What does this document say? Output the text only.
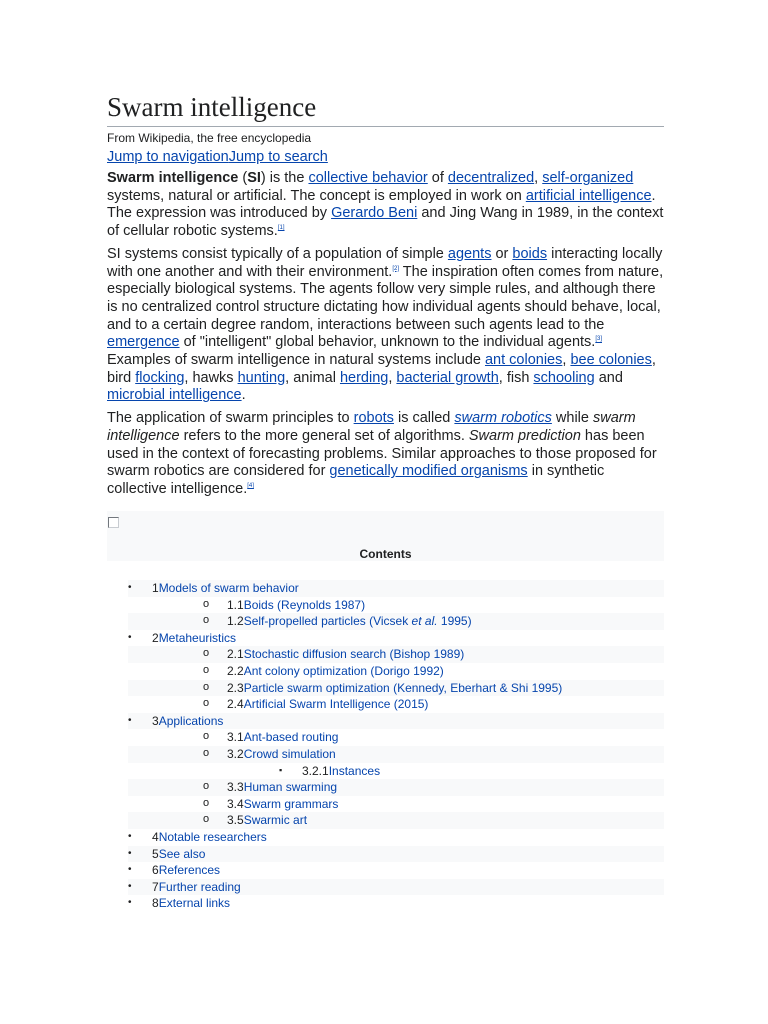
Swarm intelligence
From Wikipedia, the free encyclopedia
Jump to navigationJump to search

Swarm intelligence (SI) is the collective behavior of decentralized, self-organized systems, natural or artificial. The concept is employed in work on artificial intelligence. The expression was introduced by Gerardo Beni and Jing Wang in 1989, in the context of cellular robotic systems.[1]

SI systems consist typically of a population of simple agents or boids interacting locally with one another and with their environment.[2] The inspiration often comes from nature, especially biological systems. The agents follow very simple rules, and although there is no centralized control structure dictating how individual agents should behave, local, and to a certain degree random, interactions between such agents lead to the emergence of "intelligent" global behavior, unknown to the individual agents.[3] Examples of swarm intelligence in natural systems include ant colonies, bee colonies, bird flocking, hawks hunting, animal herding, bacterial growth, fish schooling and microbial intelligence.

The application of swarm principles to robots is called swarm robotics while swarm intelligence refers to the more general set of algorithms. Swarm prediction has been used in the context of forecasting problems. Similar approaches to those proposed for swarm robotics are considered for genetically modified organisms in synthetic collective intelligence.[4]

Contents
• 1Models of swarm behavior
o 1.1Boids (Reynolds 1987)
o 1.2Self-propelled particles (Vicsek et al. 1995)
• 2Metaheuristics
o 2.1Stochastic diffusion search (Bishop 1989)
o 2.2Ant colony optimization (Dorigo 1992)
o 2.3Particle swarm optimization (Kennedy, Eberhart & Shi 1995)
o 2.4Artificial Swarm Intelligence (2015)
• 3Applications
o 3.1Ant-based routing
o 3.2Crowd simulation
▪ 3.2.1Instances
o 3.3Human swarming
o 3.4Swarm grammars
o 3.5Swarmic art
• 4Notable researchers
• 5See also
• 6References
• 7Further reading
• 8External links
